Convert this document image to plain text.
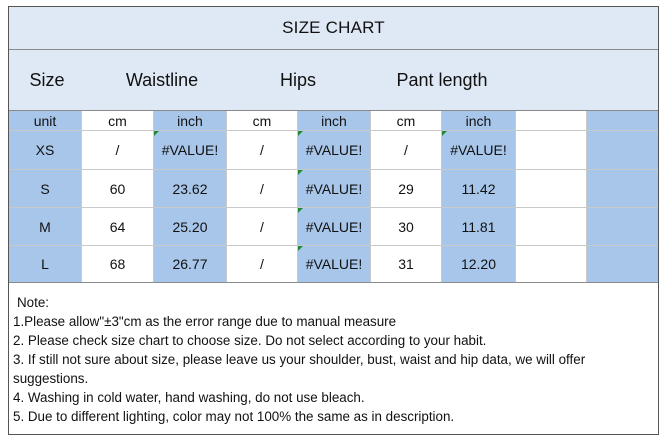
SIZE CHART
Size	Waistline	Hips	Pant length
unit	cm	inch	cm	inch	cm	inch
XS	/	#VALUE!	/	#VALUE!	/	#VALUE!
S	60	23.62	/	#VALUE!	29	11.42
M	64	25.20	/	#VALUE!	30	11.81
L	68	26.77	/	#VALUE!	31	12.20
Note:
1.Please allow"±3"cm as the error range due to manual measure
2. Please check size chart to choose size. Do not select according to your habit.
3. If still not sure about size, please leave us your shoulder, bust, waist and hip data, we will offer suggestions.
4. Washing in cold water, hand washing, do not use bleach.
5. Due to different lighting, color may not 100% the same as in description.
